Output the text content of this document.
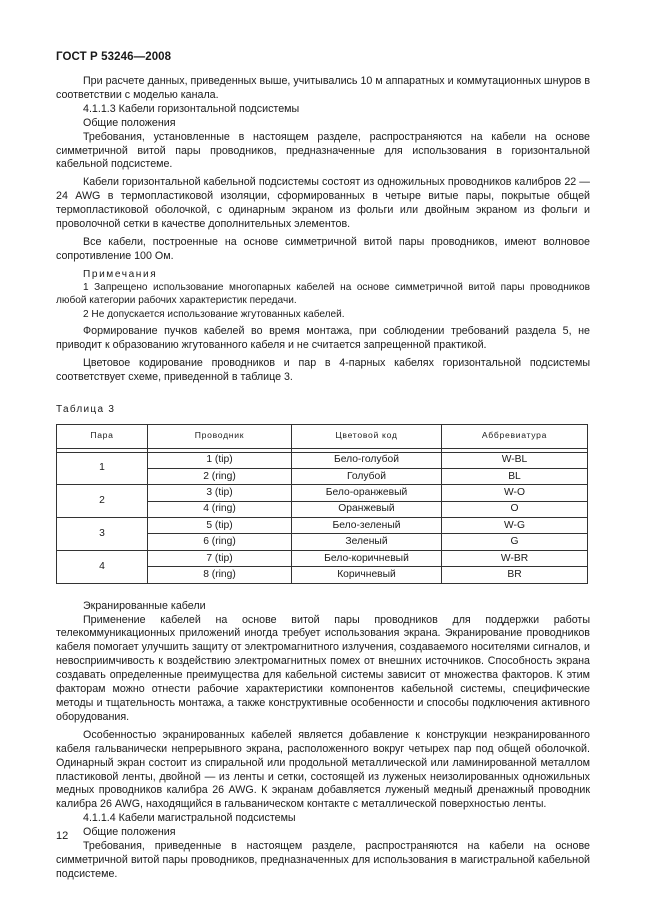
ГОСТ Р 53246—2008

При расчете данных, приведенных выше, учитывались 10 м аппаратных и коммутационных шнуров в соответствии с моделью канала.

4.1.1.3 Кабели горизонтальной подсистемы

Общие положения

Требования, установленные в настоящем разделе, распространяются на кабели на основе симметричной витой пары проводников, предназначенные для использования в горизонтальной кабельной подсистеме.

Кабели горизонтальной кабельной подсистемы состоят из одножильных проводников калибров 22 — 24 AWG в термопластиковой изоляции, сформированных в четыре витые пары, покрытые общей термопластиковой оболочкой, с одинарным экраном из фольги или двойным экраном из фольги и проволочной сетки в качестве дополнительных элементов.

Все кабели, построенные на основе симметричной витой пары проводников, имеют волновое сопротивление 100 Ом.

Примечания

1 Запрещено использование многопарных кабелей на основе симметричной витой пары проводников любой категории рабочих характеристик передачи.

2 Не допускается использование жгутованных кабелей.

Формирование пучков кабелей во время монтажа, при соблюдении требований раздела 5, не приводит к образованию жгутованного кабеля и не считается запрещенной практикой.

Цветовое кодирование проводников и пар в 4-парных кабелях горизонтальной подсистемы соответствует схеме, приведенной в таблице 3.

Таблица 3

Пара	Проводник	Цветовой код	Аббревиатура

1	1 (tip)	Бело-голубой	W-BL
	2 (ring)	Голубой	BL
2	3 (tip)	Бело-оранжевый	W-O
	4 (ring)	Оранжевый	O
3	5 (tip)	Бело-зеленый	W-G
	6 (ring)	Зеленый	G
4	7 (tip)	Бело-коричневый	W-BR
	8 (ring)	Коричневый	BR

Экранированные кабели

Применение кабелей на основе витой пары проводников для поддержки работы телекоммуникационных приложений иногда требует использования экрана. Экранирование проводников кабеля помогает улучшить защиту от электромагнитного излучения, создаваемого носителями сигналов, и невосприимчивость к воздействию электромагнитных помех от внешних источников. Способность экрана создавать определенные преимущества для кабельной системы зависит от множества факторов. К этим факторам можно отнести рабочие характеристики компонентов кабельной системы, специфические методы и тщательность монтажа, а также конструктивные особенности и способы подключения активного оборудования.

Особенностью экранированных кабелей является добавление к конструкции неэкранированного кабеля гальванически непрерывного экрана, расположенного вокруг четырех пар под общей оболочкой. Одинарный экран состоит из спиральной или продольной металлической или ламинированной металлом пластиковой ленты, двойной — из ленты и сетки, состоящей из луженых неизолированных одножильных медных проводников калибра 26 AWG. К экранам добавляется луженый медный дренажный проводник калибра 26 AWG, находящийся в гальваническом контакте с металлической поверхностью ленты.

4.1.1.4 Кабели магистральной подсистемы

Общие положения

Требования, приведенные в настоящем разделе, распространяются на кабели на основе симметричной витой пары проводников, предназначенных для использования в магистральной кабельной подсистеме.

12
